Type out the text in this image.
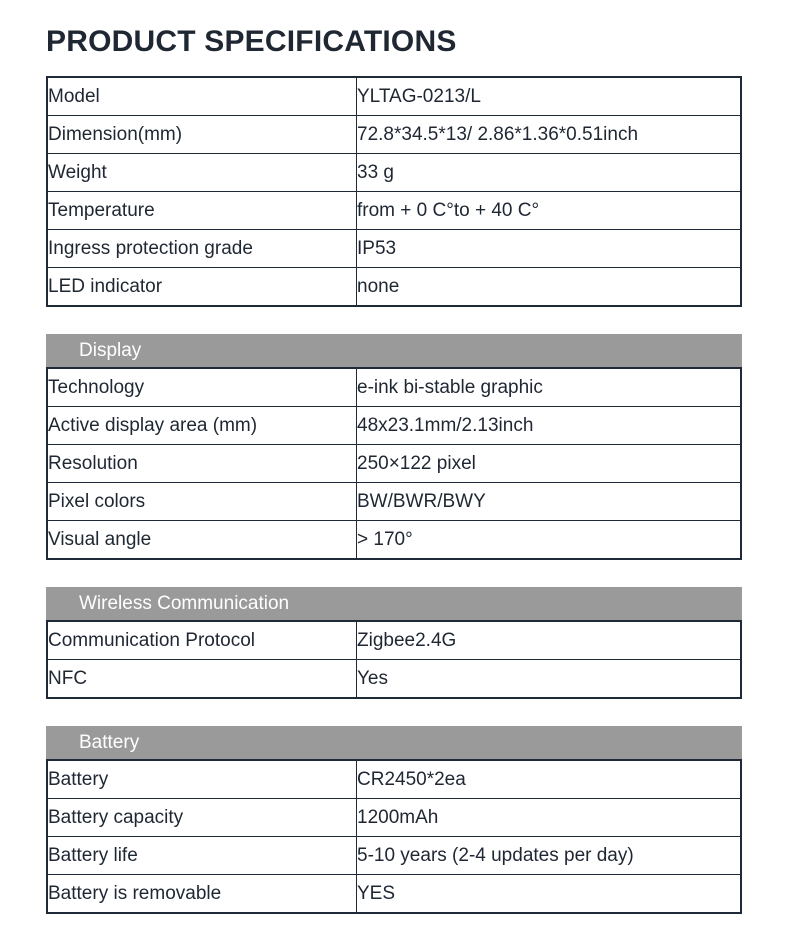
PRODUCT SPECIFICATIONS
Model	YLTAG-0213/L
Dimension(mm)	72.8*34.5*13/ 2.86*1.36*0.51inch
Weight	33 g
Temperature	from + 0 C°to + 40 C°
Ingress protection grade	IP53
LED indicator	none
Display
Technology	e-ink bi-stable graphic
Active display area (mm)	48x23.1mm/2.13inch
Resolution	250×122 pixel
Pixel colors	BW/BWR/BWY
Visual angle	> 170°
Wireless Communication
Communication Protocol	Zigbee2.4G
NFC	Yes
Battery
Battery	CR2450*2ea
Battery capacity	1200mAh
Battery life	5-10 years (2-4 updates per day)
Battery is removable	YES
